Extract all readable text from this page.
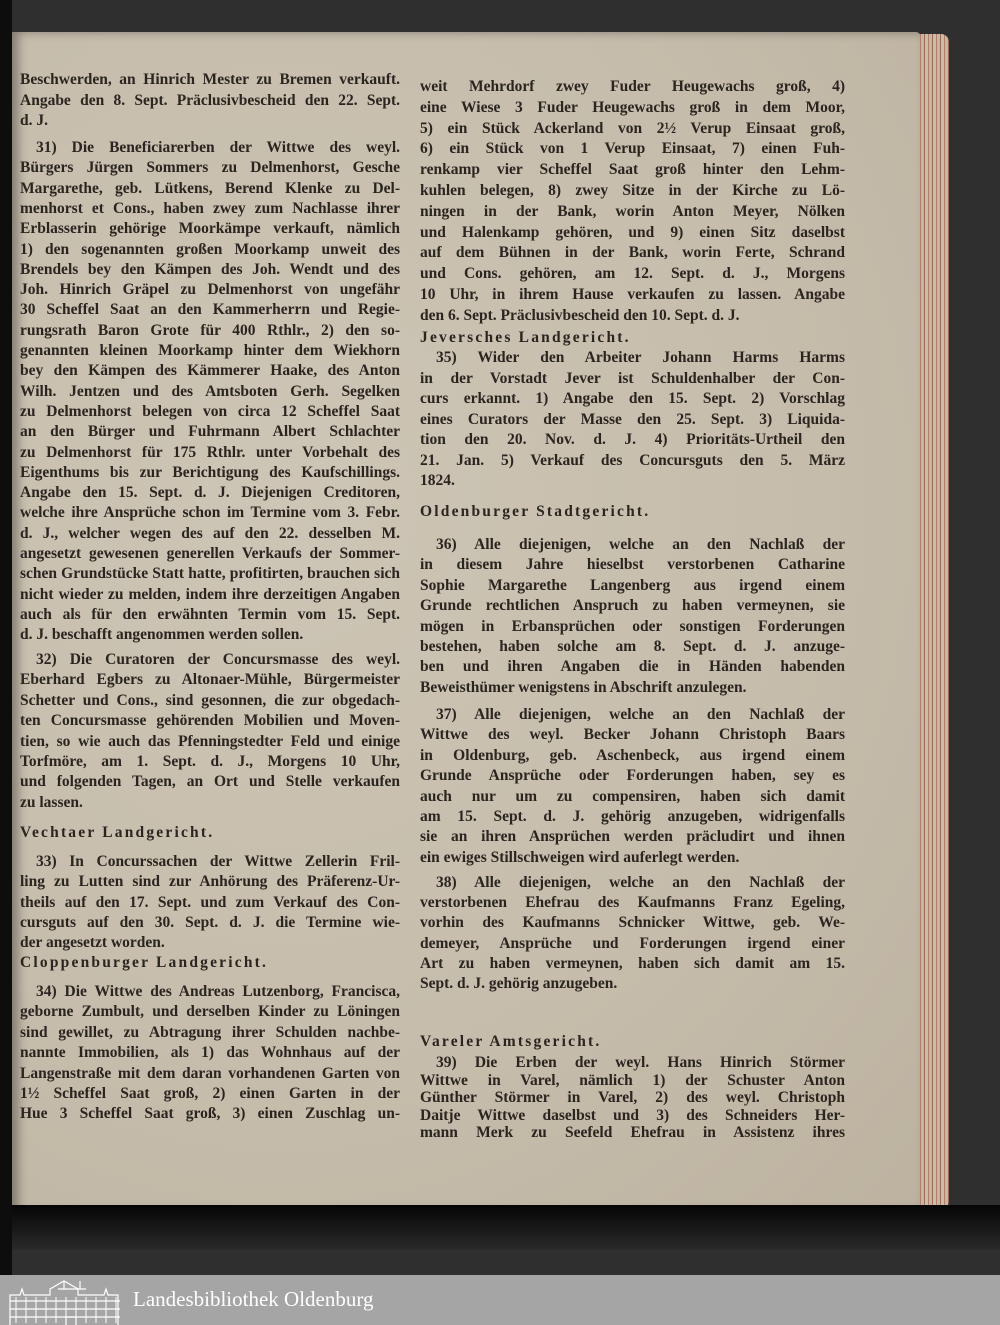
Beschwerden, an Hinrich Mester zu Bremen verkauft.
Angabe den 8. Sept. Präclusivbescheid den 22. Sept.
d. J.
31) Die Beneficiarerben der Wittwe des weyl.
Bürgers Jürgen Sommers zu Delmenhorst, Gesche
Margarethe, geb. Lütkens, Berend Klenke zu Del-
menhorst et Cons., haben zwey zum Nachlasse ihrer
Erblasserin gehörige Moorkämpe verkauft, nämlich
1) den sogenannten großen Moorkamp unweit des
Brendels bey den Kämpen des Joh. Wendt und des
Joh. Hinrich Gräpel zu Delmenhorst von ungefähr
30 Scheffel Saat an den Kammerherrn und Regie-
rungsrath Baron Grote für 400 Rthlr., 2) den so-
genannten kleinen Moorkamp hinter dem Wiekhorn
bey den Kämpen des Kämmerer Haake, des Anton
Wilh. Jentzen und des Amtsboten Gerh. Segelken
zu Delmenhorst belegen von circa 12 Scheffel Saat
an den Bürger und Fuhrmann Albert Schlachter
zu Delmenhorst für 175 Rthlr. unter Vorbehalt des
Eigenthums bis zur Berichtigung des Kaufschillings.
Angabe den 15. Sept. d. J. Diejenigen Creditoren,
welche ihre Ansprüche schon im Termine vom 3. Febr.
d. J., welcher wegen des auf den 22. desselben M.
angesetzt gewesenen generellen Verkaufs der Sommer-
schen Grundstücke Statt hatte, profitirten, brauchen sich
nicht wieder zu melden, indem ihre derzeitigen Angaben
auch als für den erwähnten Termin vom 15. Sept.
d. J. beschafft angenommen werden sollen.
32) Die Curatoren der Concursmasse des weyl.
Eberhard Egbers zu Altonaer-Mühle, Bürgermeister
Schetter und Cons., sind gesonnen, die zur obgedach-
ten Concursmasse gehörenden Mobilien und Moven-
tien, so wie auch das Pfenningstedter Feld und einige
Torfmöre, am 1. Sept. d. J., Morgens 10 Uhr,
und folgenden Tagen, an Ort und Stelle verkaufen
zu lassen.
Vechtaer Landgericht.
33) In Concurssachen der Wittwe Zellerin Fril-
ling zu Lutten sind zur Anhörung des Präferenz-Ur-
theils auf den 17. Sept. und zum Verkauf des Con-
cursguts auf den 30. Sept. d. J. die Termine wie-
der angesetzt worden.
Cloppenburger Landgericht.
34) Die Wittwe des Andreas Lutzenborg, Francisca,
geborne Zumbult, und derselben Kinder zu Löningen
sind gewillet, zu Abtragung ihrer Schulden nachbe-
nannte Immobilien, als 1) das Wohnhaus auf der
Langenstraße mit dem daran vorhandenen Garten von
1½ Scheffel Saat groß, 2) einen Garten in der
Hue 3 Scheffel Saat groß, 3) einen Zuschlag un-
weit Mehrdorf zwey Fuder Heugewachs groß, 4)
eine Wiese 3 Fuder Heugewachs groß in dem Moor,
5) ein Stück Ackerland von 2½ Verup Einsaat groß,
6) ein Stück von 1 Verup Einsaat, 7) einen Fuh-
renkamp vier Scheffel Saat groß hinter den Lehm-
kuhlen belegen, 8) zwey Sitze in der Kirche zu Lö-
ningen in der Bank, worin Anton Meyer, Nölken
und Halenkamp gehören, und 9) einen Sitz daselbst
auf dem Bühnen in der Bank, worin Ferte, Schrand
und Cons. gehören, am 12. Sept. d. J., Morgens
10 Uhr, in ihrem Hause verkaufen zu lassen. Angabe
den 6. Sept. Präclusivbescheid den 10. Sept. d. J.
Jeversches Landgericht.
35) Wider den Arbeiter Johann Harms Harms
in der Vorstadt Jever ist Schuldenhalber der Con-
curs erkannt. 1) Angabe den 15. Sept. 2) Vorschlag
eines Curators der Masse den 25. Sept. 3) Liquida-
tion den 20. Nov. d. J. 4) Prioritäts-Urtheil den
21. Jan. 5) Verkauf des Concursguts den 5. März
1824.
Oldenburger Stadtgericht.
36) Alle diejenigen, welche an den Nachlaß der
in diesem Jahre hieselbst verstorbenen Catharine
Sophie Margarethe Langenberg aus irgend einem
Grunde rechtlichen Anspruch zu haben vermeynen, sie
mögen in Erbansprüchen oder sonstigen Forderungen
bestehen, haben solche am 8. Sept. d. J. anzuge-
ben und ihren Angaben die in Händen habenden
Beweisthümer wenigstens in Abschrift anzulegen.
37) Alle diejenigen, welche an den Nachlaß der
Wittwe des weyl. Becker Johann Christoph Baars
in Oldenburg, geb. Aschenbeck, aus irgend einem
Grunde Ansprüche oder Forderungen haben, sey es
auch nur um zu compensiren, haben sich damit
am 15. Sept. d. J. gehörig anzugeben, widrigenfalls
sie an ihren Ansprüchen werden präcludirt und ihnen
ein ewiges Stillschweigen wird auferlegt werden.
38) Alle diejenigen, welche an den Nachlaß der
verstorbenen Ehefrau des Kaufmanns Franz Egeling,
vorhin des Kaufmanns Schnicker Wittwe, geb. We-
demeyer, Ansprüche und Forderungen irgend einer
Art zu haben vermeynen, haben sich damit am 15.
Sept. d. J. gehörig anzugeben.
Vareler Amtsgericht.
39) Die Erben der weyl. Hans Hinrich Störmer
Wittwe in Varel, nämlich 1) der Schuster Anton
Günther Störmer in Varel, 2) des weyl. Christoph
Daitje Wittwe daselbst und 3) des Schneiders Her-
mann Merk zu Seefeld Ehefrau in Assistenz ihres
Landesbibliothek Oldenburg
